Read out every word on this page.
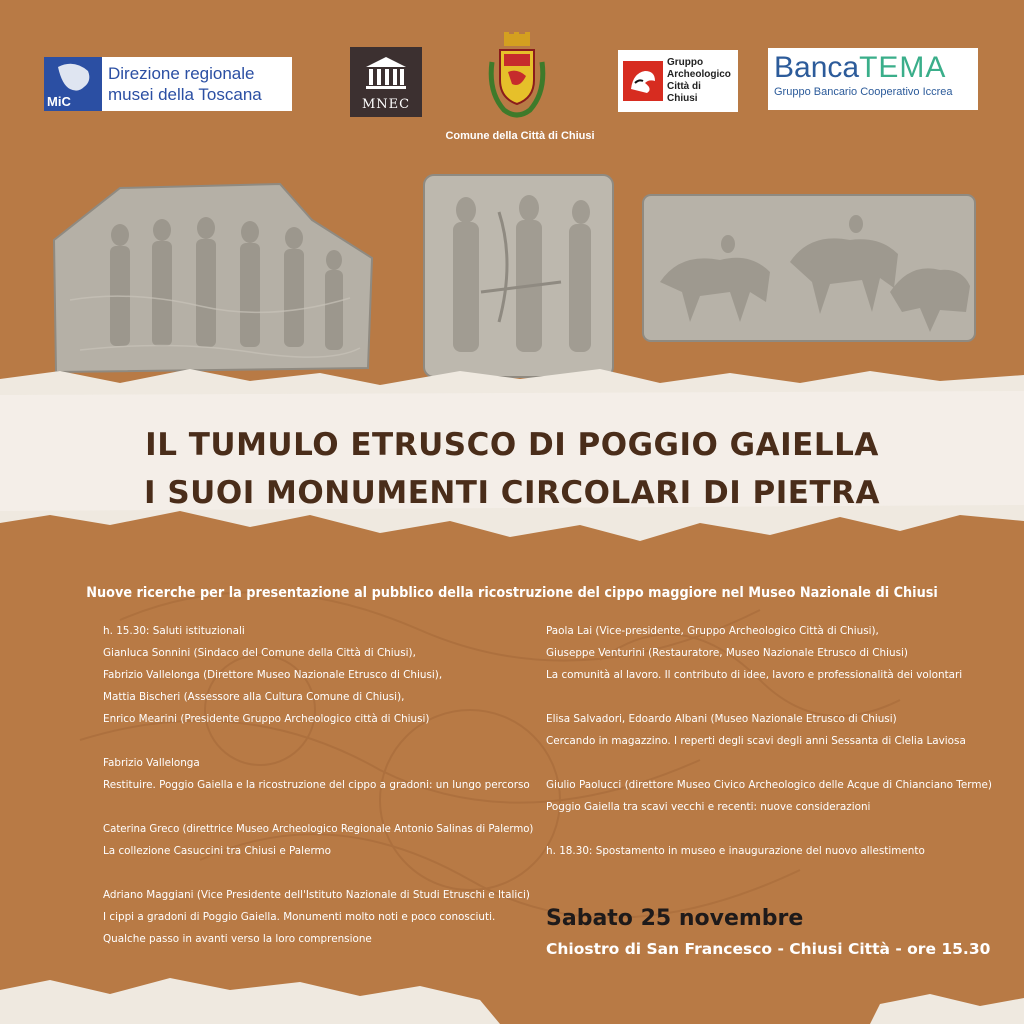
MiC
Direzione regionale
musei della Toscana
MNEC
Comune della Città di Chiusi
Gruppo
Archeologico
Città di
Chiusi
BancaTEMA
Gruppo Bancario Cooperativo Iccrea
IL TUMULO ETRUSCO DI POGGIO GAIELLA
I SUOI MONUMENTI CIRCOLARI DI PIETRA
Nuove ricerche per la presentazione al pubblico della ricostruzione del cippo maggiore nel Museo Nazionale di Chiusi
h. 15.30: Saluti istituzionali
Gianluca Sonnini (Sindaco del Comune della Città di Chiusi),
Fabrizio Vallelonga (Direttore Museo Nazionale Etrusco di Chiusi),
Mattia Bischeri (Assessore alla Cultura Comune di Chiusi),
Enrico Mearini (Presidente Gruppo Archeologico città di Chiusi)
Fabrizio Vallelonga
Restituire. Poggio Gaiella e la ricostruzione del cippo a gradoni: un lungo percorso
Caterina Greco (direttrice Museo Archeologico Regionale Antonio Salinas di Palermo)
La collezione Casuccini tra Chiusi e Palermo
Adriano Maggiani (Vice Presidente dell'Istituto Nazionale di Studi Etruschi e Italici)
I cippi a gradoni di Poggio Gaiella. Monumenti molto noti e poco conosciuti.
Qualche passo in avanti verso la loro comprensione
Paola Lai (Vice-presidente, Gruppo Archeologico Città di Chiusi),
Giuseppe Venturini (Restauratore, Museo Nazionale Etrusco di Chiusi)
La comunità al lavoro. Il contributo di idee, lavoro e professionalità dei volontari
Elisa Salvadori, Edoardo Albani (Museo Nazionale Etrusco di Chiusi)
Cercando in magazzino. I reperti degli scavi degli anni Sessanta di Clelia Laviosa
Giulio Paolucci (direttore Museo Civico Archeologico delle Acque di Chianciano Terme)
Poggio Gaiella tra scavi vecchi e recenti: nuove considerazioni
h. 18.30: Spostamento in museo e inaugurazione del nuovo allestimento
Sabato 25 novembre
Chiostro di San Francesco - Chiusi Città - ore 15.30
